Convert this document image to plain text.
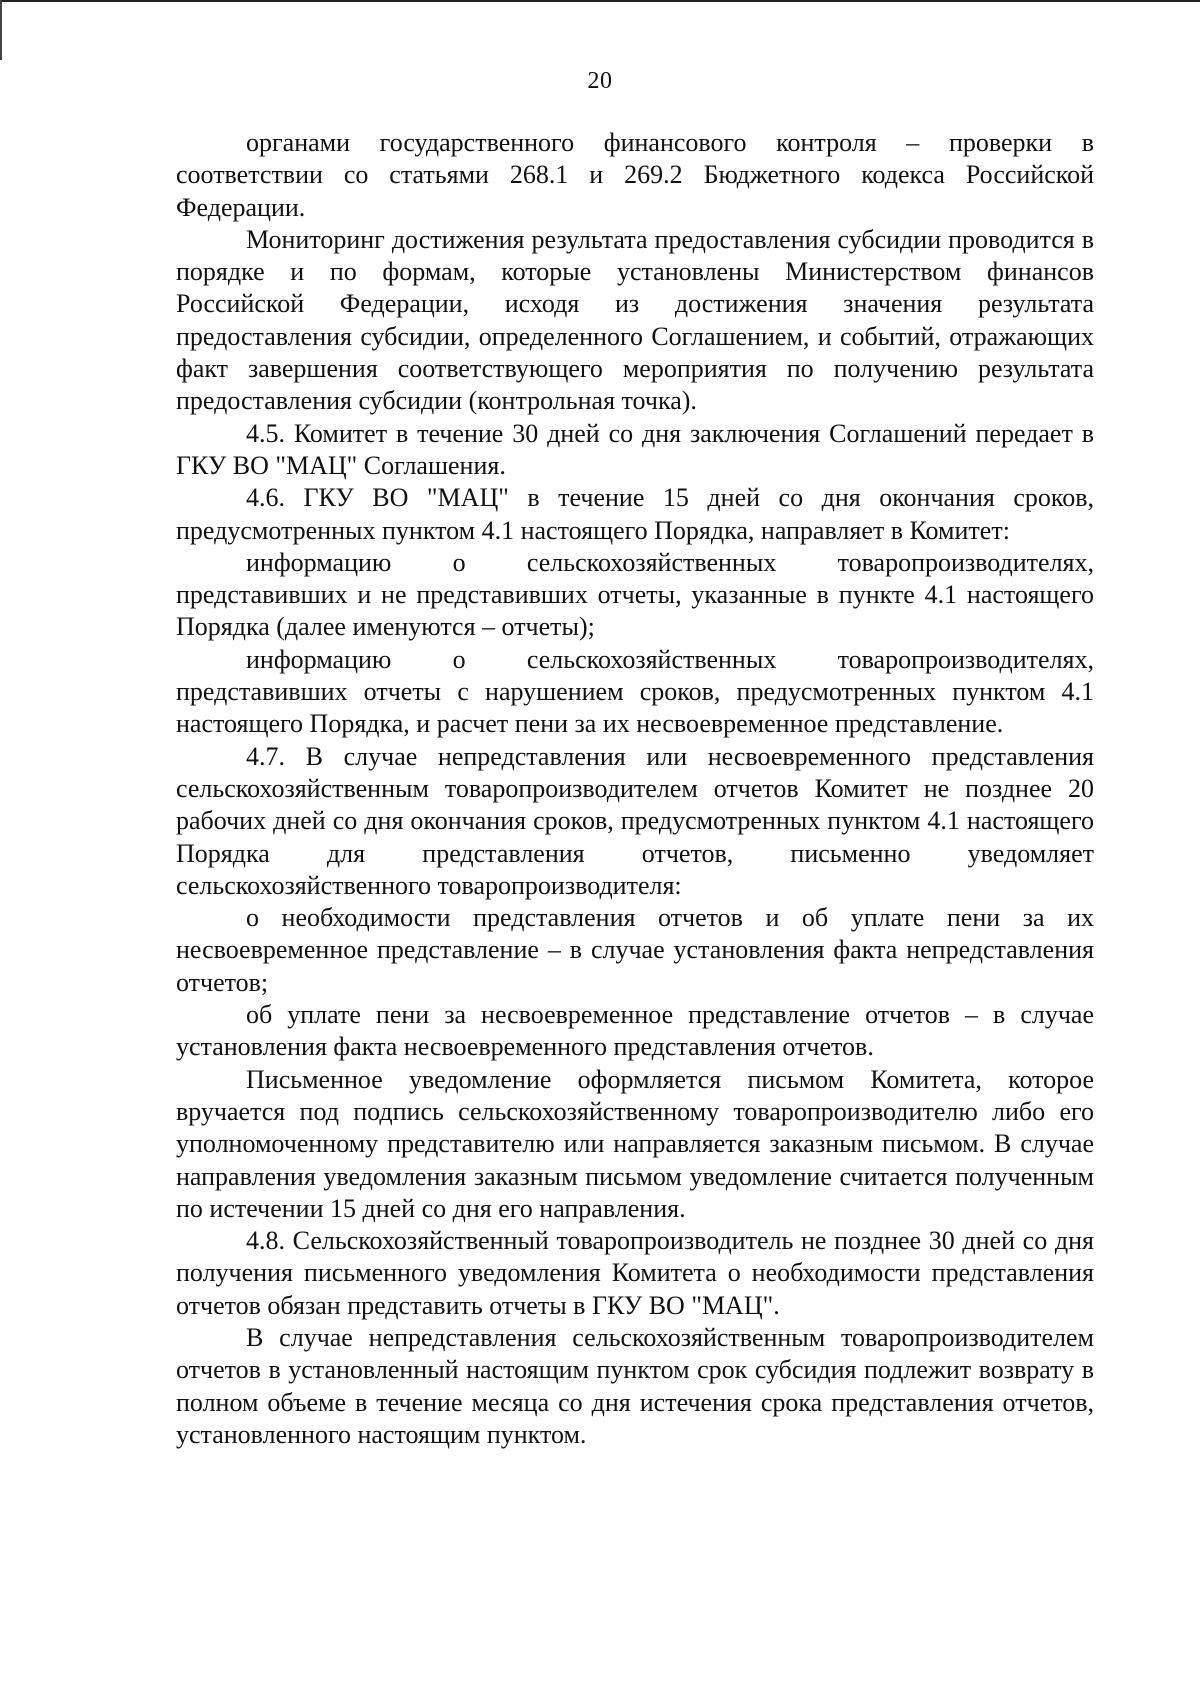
20

органами государственного финансового контроля – проверки в соответствии со статьями 268.1 и 269.2 Бюджетного кодекса Российской Федерации.

Мониторинг достижения результата предоставления субсидии проводится в порядке и по формам, которые установлены Министерством финансов Российской Федерации, исходя из достижения значения результата предоставления субсидии, определенного Соглашением, и событий, отражающих факт завершения соответствующего мероприятия по получению результата предоставления субсидии (контрольная точка).

4.5. Комитет в течение 30 дней со дня заключения Соглашений передает в ГКУ ВО "МАЦ" Соглашения.

4.6. ГКУ ВО "МАЦ" в течение 15 дней со дня окончания сроков, предусмотренных пунктом 4.1 настоящего Порядка, направляет в Комитет:

информацию о сельскохозяйственных товаропроизводителях, представивших и не представивших отчеты, указанные в пункте 4.1 настоящего Порядка (далее именуются – отчеты);

информацию о сельскохозяйственных товаропроизводителях, представивших отчеты с нарушением сроков, предусмотренных пунктом 4.1 настоящего Порядка, и расчет пени за их несвоевременное представление.

4.7. В случае непредставления или несвоевременного представления сельскохозяйственным товаропроизводителем отчетов Комитет не позднее 20 рабочих дней со дня окончания сроков, предусмотренных пунктом 4.1 настоящего Порядка для представления отчетов, письменно уведомляет сельскохозяйственного товаропроизводителя:

о необходимости представления отчетов и об уплате пени за их несвоевременное представление – в случае установления факта непредставления отчетов;

об уплате пени за несвоевременное представление отчетов – в случае установления факта несвоевременного представления отчетов.

Письменное уведомление оформляется письмом Комитета, которое вручается под подпись сельскохозяйственному товаропроизводителю либо его уполномоченному представителю или направляется заказным письмом. В случае направления уведомления заказным письмом уведомление считается полученным по истечении 15 дней со дня его направления.

4.8. Сельскохозяйственный товаропроизводитель не позднее 30 дней со дня получения письменного уведомления Комитета о необходимости представления отчетов обязан представить отчеты в ГКУ ВО "МАЦ".

В случае непредставления сельскохозяйственным товаропроизводителем отчетов в установленный настоящим пунктом срок субсидия подлежит возврату в полном объеме в течение месяца со дня истечения срока представления отчетов, установленного настоящим пунктом.
